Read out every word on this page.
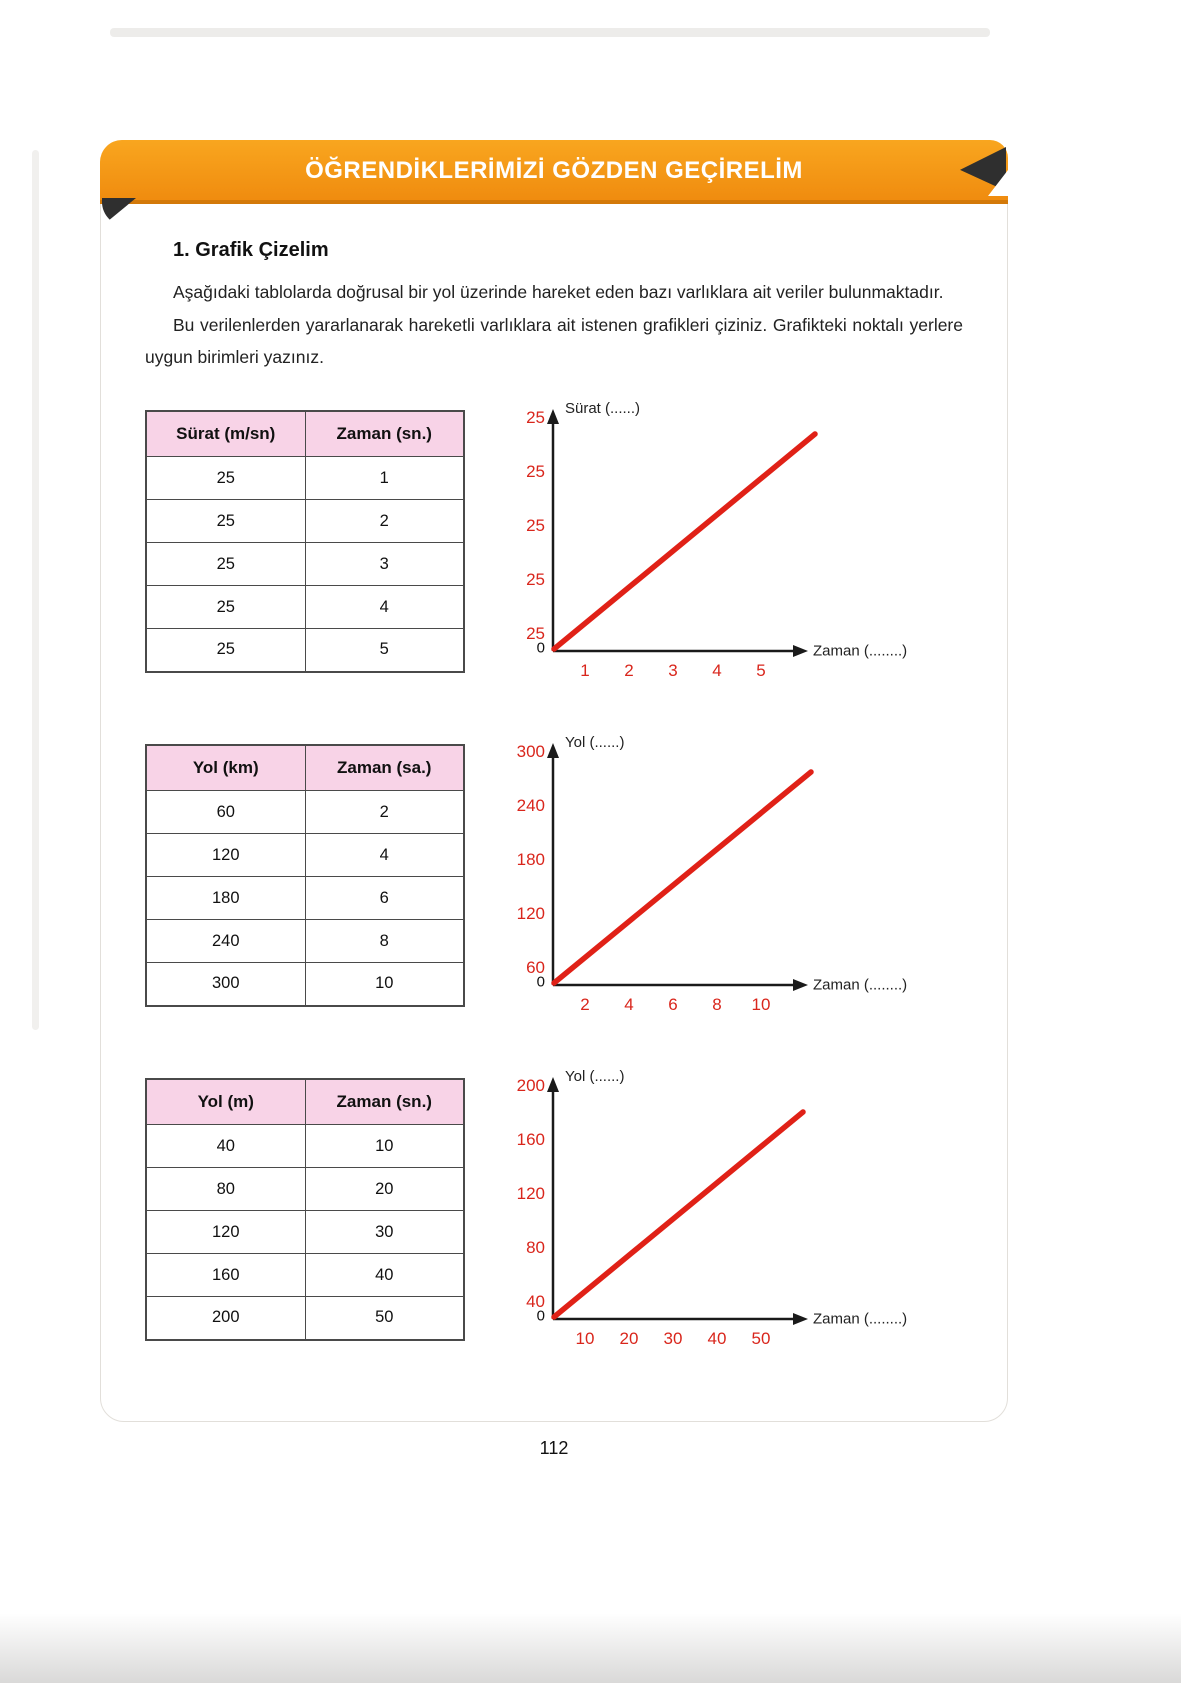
ÖĞRENDİKLERİMİZİ GÖZDEN GEÇİRELİM
1. Grafik Çizelim

Aşağıdaki tablolarda doğrusal bir yol üzerinde hareket eden bazı varlıklara ait veriler bulunmaktadır.

Bu verilenlerden yararlanarak hareketli varlıklara ait istenen grafikleri çiziniz. Grafikteki noktalı yerlere uygun birimleri yazınız.

Sürat (m/sn)	Zaman (sn.)
25	1
25	2
25	3
25	4
25	5
Sürat (......)
Zaman (........)
0
25
25
25
25
25
1 2 3 4 5
Yol (km)	Zaman (sa.)
60	2
120	4
180	6
240	8
300	10
Yol (......)
Zaman (........)
0
300
240
180
120
60
2 4 6 8 10
Yol (m)	Zaman (sn.)
40	10
80	20
120	30
160	40
200	50
Yol (......)
Zaman (........)
0
200
160
120
80
40
10 20 30 40 50
112
